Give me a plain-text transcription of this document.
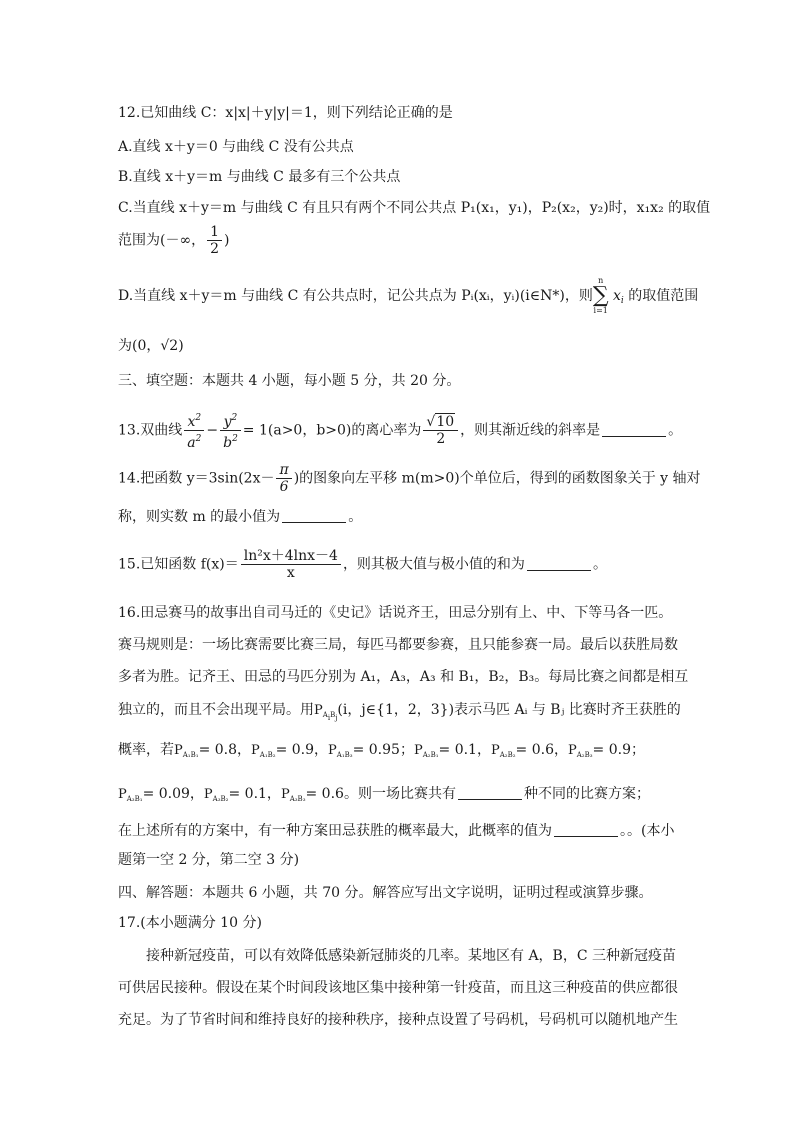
12.已知曲线 C：x|x|＋y|y|＝1，则下列结论正确的是
A.直线 x＋y＝0 与曲线 C 没有公共点
B.直线 x＋y＝m 与曲线 C 最多有三个公共点
C.当直线 x＋y＝m 与曲线 C 有且只有两个不同公共点 P₁(x₁，y₁)，P₂(x₂，y₂)时，x₁x₂ 的取值
范围为(－∞， $\frac{1}{2}$ )
D.当直线 x＋y＝m 与曲线 C 有公共点时，记公共点为 Pᵢ(xᵢ，yᵢ)(i∈N*)，则
n
∑
i=1
$x_i$ 的取值范围
为(0，√2)
三、填空题：本题共 4 小题，每小题 5 分，共 20 分。
13.双曲线 $\frac{x^2}{a^2} - \frac{y^2}{b^2} = 1(a>0$，b>0)的离心率为 $\frac{√10}{2}$ ，则其渐近线的斜率是	。
14.把函数 $y=3\sin(2x- \frac{\pi}{6}$ )的图象向左平移 m(m>0)个单位后，得到的函数图象关于 y 轴对
称，则实数 m 的最小值为	。
15.已知函数 $f(x)= \frac{\text{ln²x＋4lnx－4}}{x}$ ，则其极大值与极小值的和为	。
16.田忌赛马的故事出自司马迁的《史记》话说齐王，田忌分别有上、中、下等马各一匹。
赛马规则是：一场比赛需要比赛三局，每匹马都要参赛，且只能参赛一局。最后以获胜局数
多者为胜。记齐王、田忌的马匹分别为 A₁，A₃，A₃ 和 B₁，B₂，B₃。每局比赛之间都是相互
独立的，而且不会出现平局。用$P_{A_iB_j}(i$，j∈{1，2，3})表示马匹 Aᵢ 与 Bⱼ 比赛时齐王获胜的
概率，若$P_{A_1B_1}= 0.8$，$P_{A_1B_2}= 0.9$，$P_{A_1B_3}= 0.95$；$P_{A_2B_1}= 0.1$，$P_{A_2B_2}= 0.6$，$P_{A_2B_3}= 0.9$；
$P_{A_3B_1}= 0.09$，$P_{A_3B_2}= 0.1$，$P_{A_3B_3}= 0.6$。则一场比赛共有	种不同的比赛方案；
在上述所有的方案中，有一种方案田忌获胜的概率最大，此概率的值为	。。(本小
题第一空 2 分，第二空 3 分)
四、解答题：本题共 6 小题，共 70 分。解答应写出文字说明，证明过程或演算步骤。
17.(本小题满分 10 分)
接种新冠疫苗，可以有效降低感染新冠肺炎的几率。某地区有 A，B，C 三种新冠疫苗
可供居民接种。假设在某个时间段该地区集中接种第一针疫苗，而且这三种疫苗的供应都很
充足。为了节省时间和维持良好的接种秩序，接种点设置了号码机，号码机可以随机地产生
